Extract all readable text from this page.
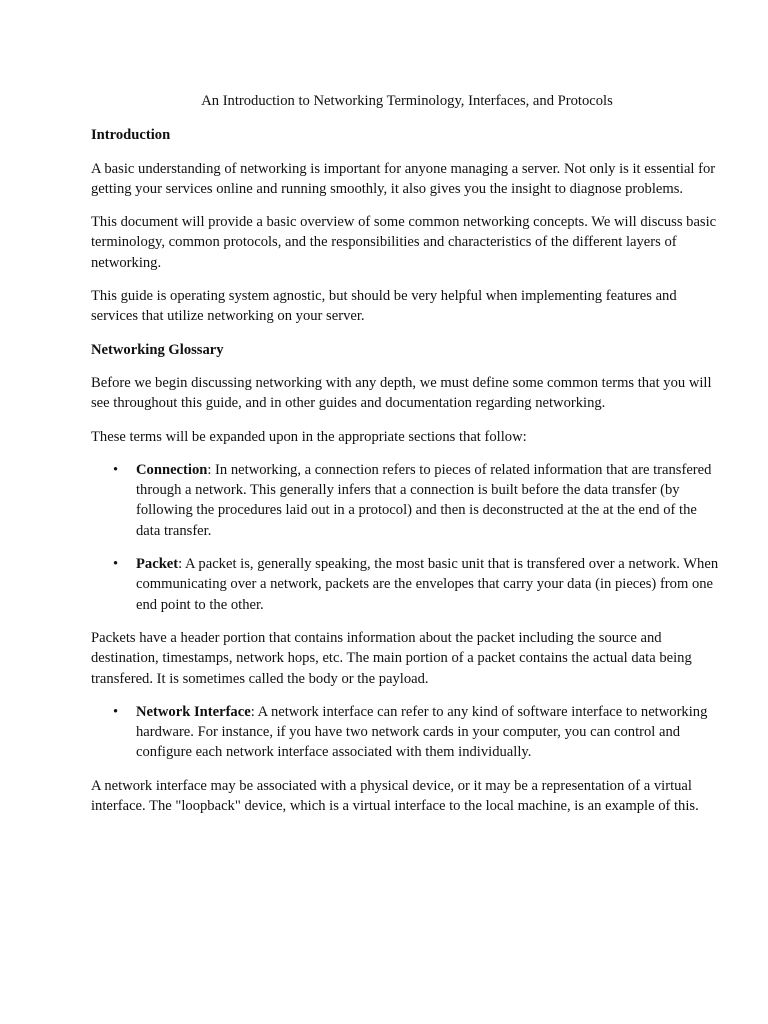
An Introduction to Networking Terminology, Interfaces, and Protocols
Introduction

A basic understanding of networking is important for anyone managing a server. Not only is it essential for getting your services online and running smoothly, it also gives you the insight to diagnose problems.

This document will provide a basic overview of some common networking concepts. We will discuss basic terminology, common protocols, and the responsibilities and characteristics of the different layers of networking.

This guide is operating system agnostic, but should be very helpful when implementing features and services that utilize networking on your server.

Networking Glossary

Before we begin discussing networking with any depth, we must define some common terms that you will see throughout this guide, and in other guides and documentation regarding networking.

These terms will be expanded upon in the appropriate sections that follow:

• Connection: In networking, a connection refers to pieces of related information that are transfered through a network. This generally infers that a connection is built before the data transfer (by following the procedures laid out in a protocol) and then is deconstructed at the at the end of the data transfer.
• Packet: A packet is, generally speaking, the most basic unit that is transfered over a network. When communicating over a network, packets are the envelopes that carry your data (in pieces) from one end point to the other.

Packets have a header portion that contains information about the packet including the source and destination, timestamps, network hops, etc. The main portion of a packet contains the actual data being transfered. It is sometimes called the body or the payload.

• Network Interface: A network interface can refer to any kind of software interface to networking hardware. For instance, if you have two network cards in your computer, you can control and configure each network interface associated with them individually.

A network interface may be associated with a physical device, or it may be a representation of a virtual interface. The "loopback" device, which is a virtual interface to the local machine, is an example of this.
